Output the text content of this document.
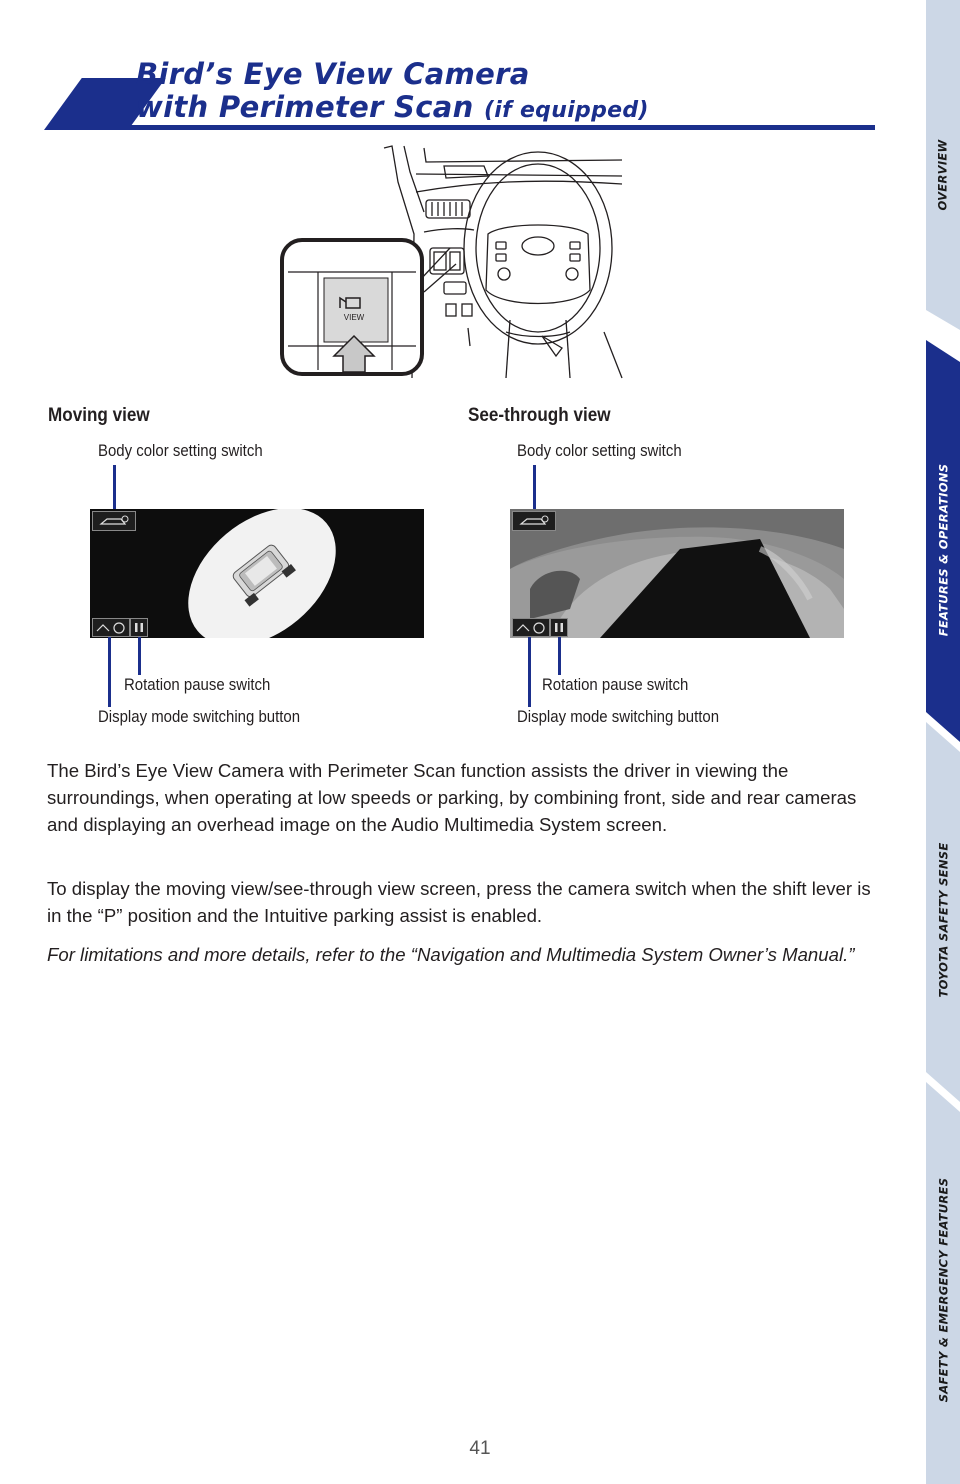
Bird’s Eye View Camera
with Perimeter Scan (if equipped)
VIEW
Moving view
Body color setting switch
Rotation pause switch
Display mode switching button
See-through view
Body color setting switch
Rotation pause switch
Display mode switching button

The Bird’s Eye View Camera with Perimeter Scan function assists the driver in viewing the surroundings, when operating at low speeds or parking, by combining front, side and rear cameras and displaying an overhead image on the Audio Multimedia System screen.

To display the moving view/see-through view screen, press the camera switch when the shift lever is in the “P” position and the Intuitive parking assist is enabled.

For limitations and more details, refer to the “Navigation and Multimedia System Owner’s Manual.”

41
OVERVIEW
FEATURES & OPERATIONS
TOYOTA SAFETY SENSE
SAFETY & EMERGENCY FEATURES
